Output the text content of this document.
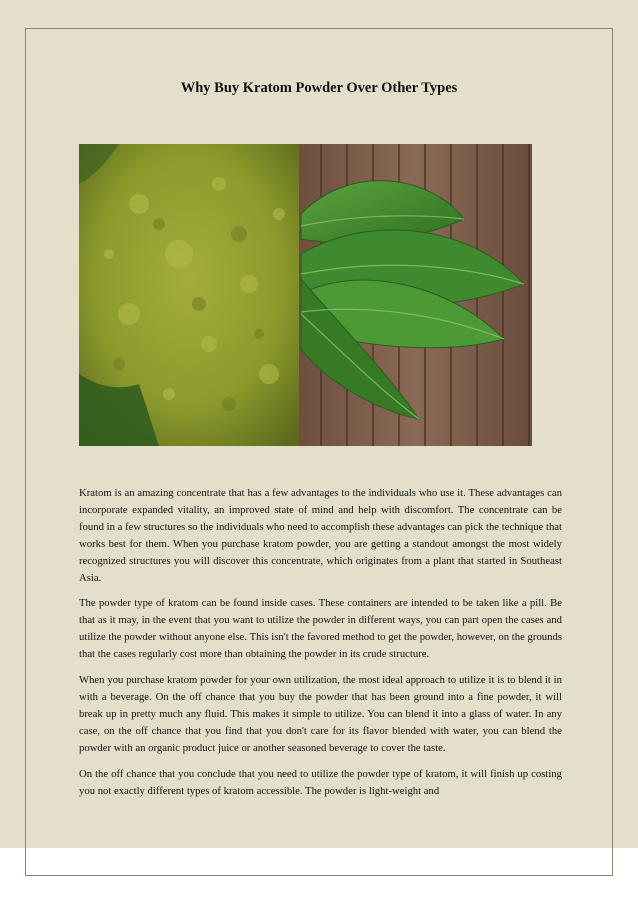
Why Buy Kratom Powder Over Other Types

Kratom is an amazing concentrate that has a few advantages to the individuals who use it. These advantages can incorporate expanded vitality, an improved state of mind and help with discomfort. The concentrate can be found in a few structures so the individuals who need to accomplish these advantages can pick the technique that works best for them. When you purchase kratom powder, you are getting a standout amongst the most widely recognized structures you will discover this concentrate, which originates from a plant that started in Southeast Asia.

The powder type of kratom can be found inside cases. These containers are intended to be taken like a pill. Be that as it may, in the event that you want to utilize the powder in different ways, you can part open the cases and utilize the powder without anyone else. This isn't the favored method to get the powder, however, on the grounds that the cases regularly cost more than obtaining the powder in its crude structure.

When you purchase kratom powder for your own utilization, the most ideal approach to utilize it is to blend it in with a beverage. On the off chance that you buy the powder that has been ground into a fine powder, it will break up in pretty much any fluid. This makes it simple to utilize. You can blend it into a glass of water. In any case, on the off chance that you find that you don't care for its flavor blended with water, you can blend the powder with an organic product juice or another seasoned beverage to cover the taste.

On the off chance that you conclude that you need to utilize the powder type of kratom, it will finish up costing you not exactly different types of kratom accessible. The powder is light-weight and
